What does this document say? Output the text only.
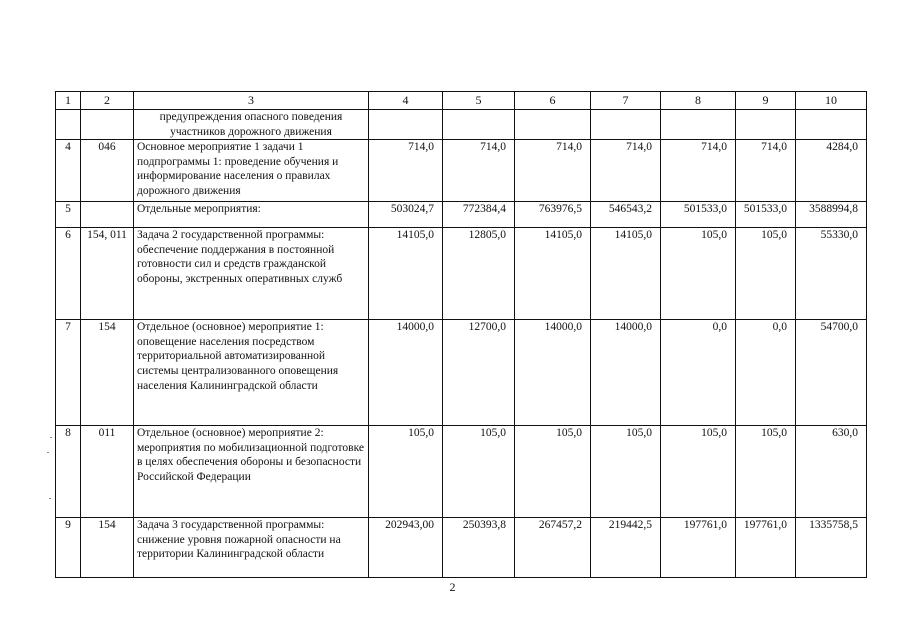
1	2	3	4	5	6	7	8	9	10
		предупреждения опасного поведения участников дорожного движения							
4	046	Основное мероприятие 1 задачи 1 подпрограммы 1: проведение обучения и информирование населения о правилах дорожного движения	714,0	714,0	714,0	714,0	714,0	714,0	4284,0
5		Отдельные мероприятия:	503024,7	772384,4	763976,5	546543,2	501533,0	501533,0	3588994,8
6	154, 011	Задача 2 государственной программы: обеспечение поддержания в постоянной готовности сил и средств гражданской обороны, экстренных оперативных служб	14105,0	12805,0	14105,0	14105,0	105,0	105,0	55330,0
7	154	Отдельное (основное) мероприятие 1: оповещение населения посредством территориальной автоматизированной системы централизованного оповещения населения Калининградской области	14000,0	12700,0	14000,0	14000,0	0,0	0,0	54700,0
8	011	Отдельное (основное) мероприятие 2: мероприятия по мобилизационной подготовке в целях обеспечения обороны и безопасности Российской Федерации	105,0	105,0	105,0	105,0	105,0	105,0	630,0
9	154	Задача 3 государственной программы: снижение уровня пожарной опасности на территории Калининградской области	202943,00	250393,8	267457,2	219442,5	197761,0	197761,0	1335758,5
2
